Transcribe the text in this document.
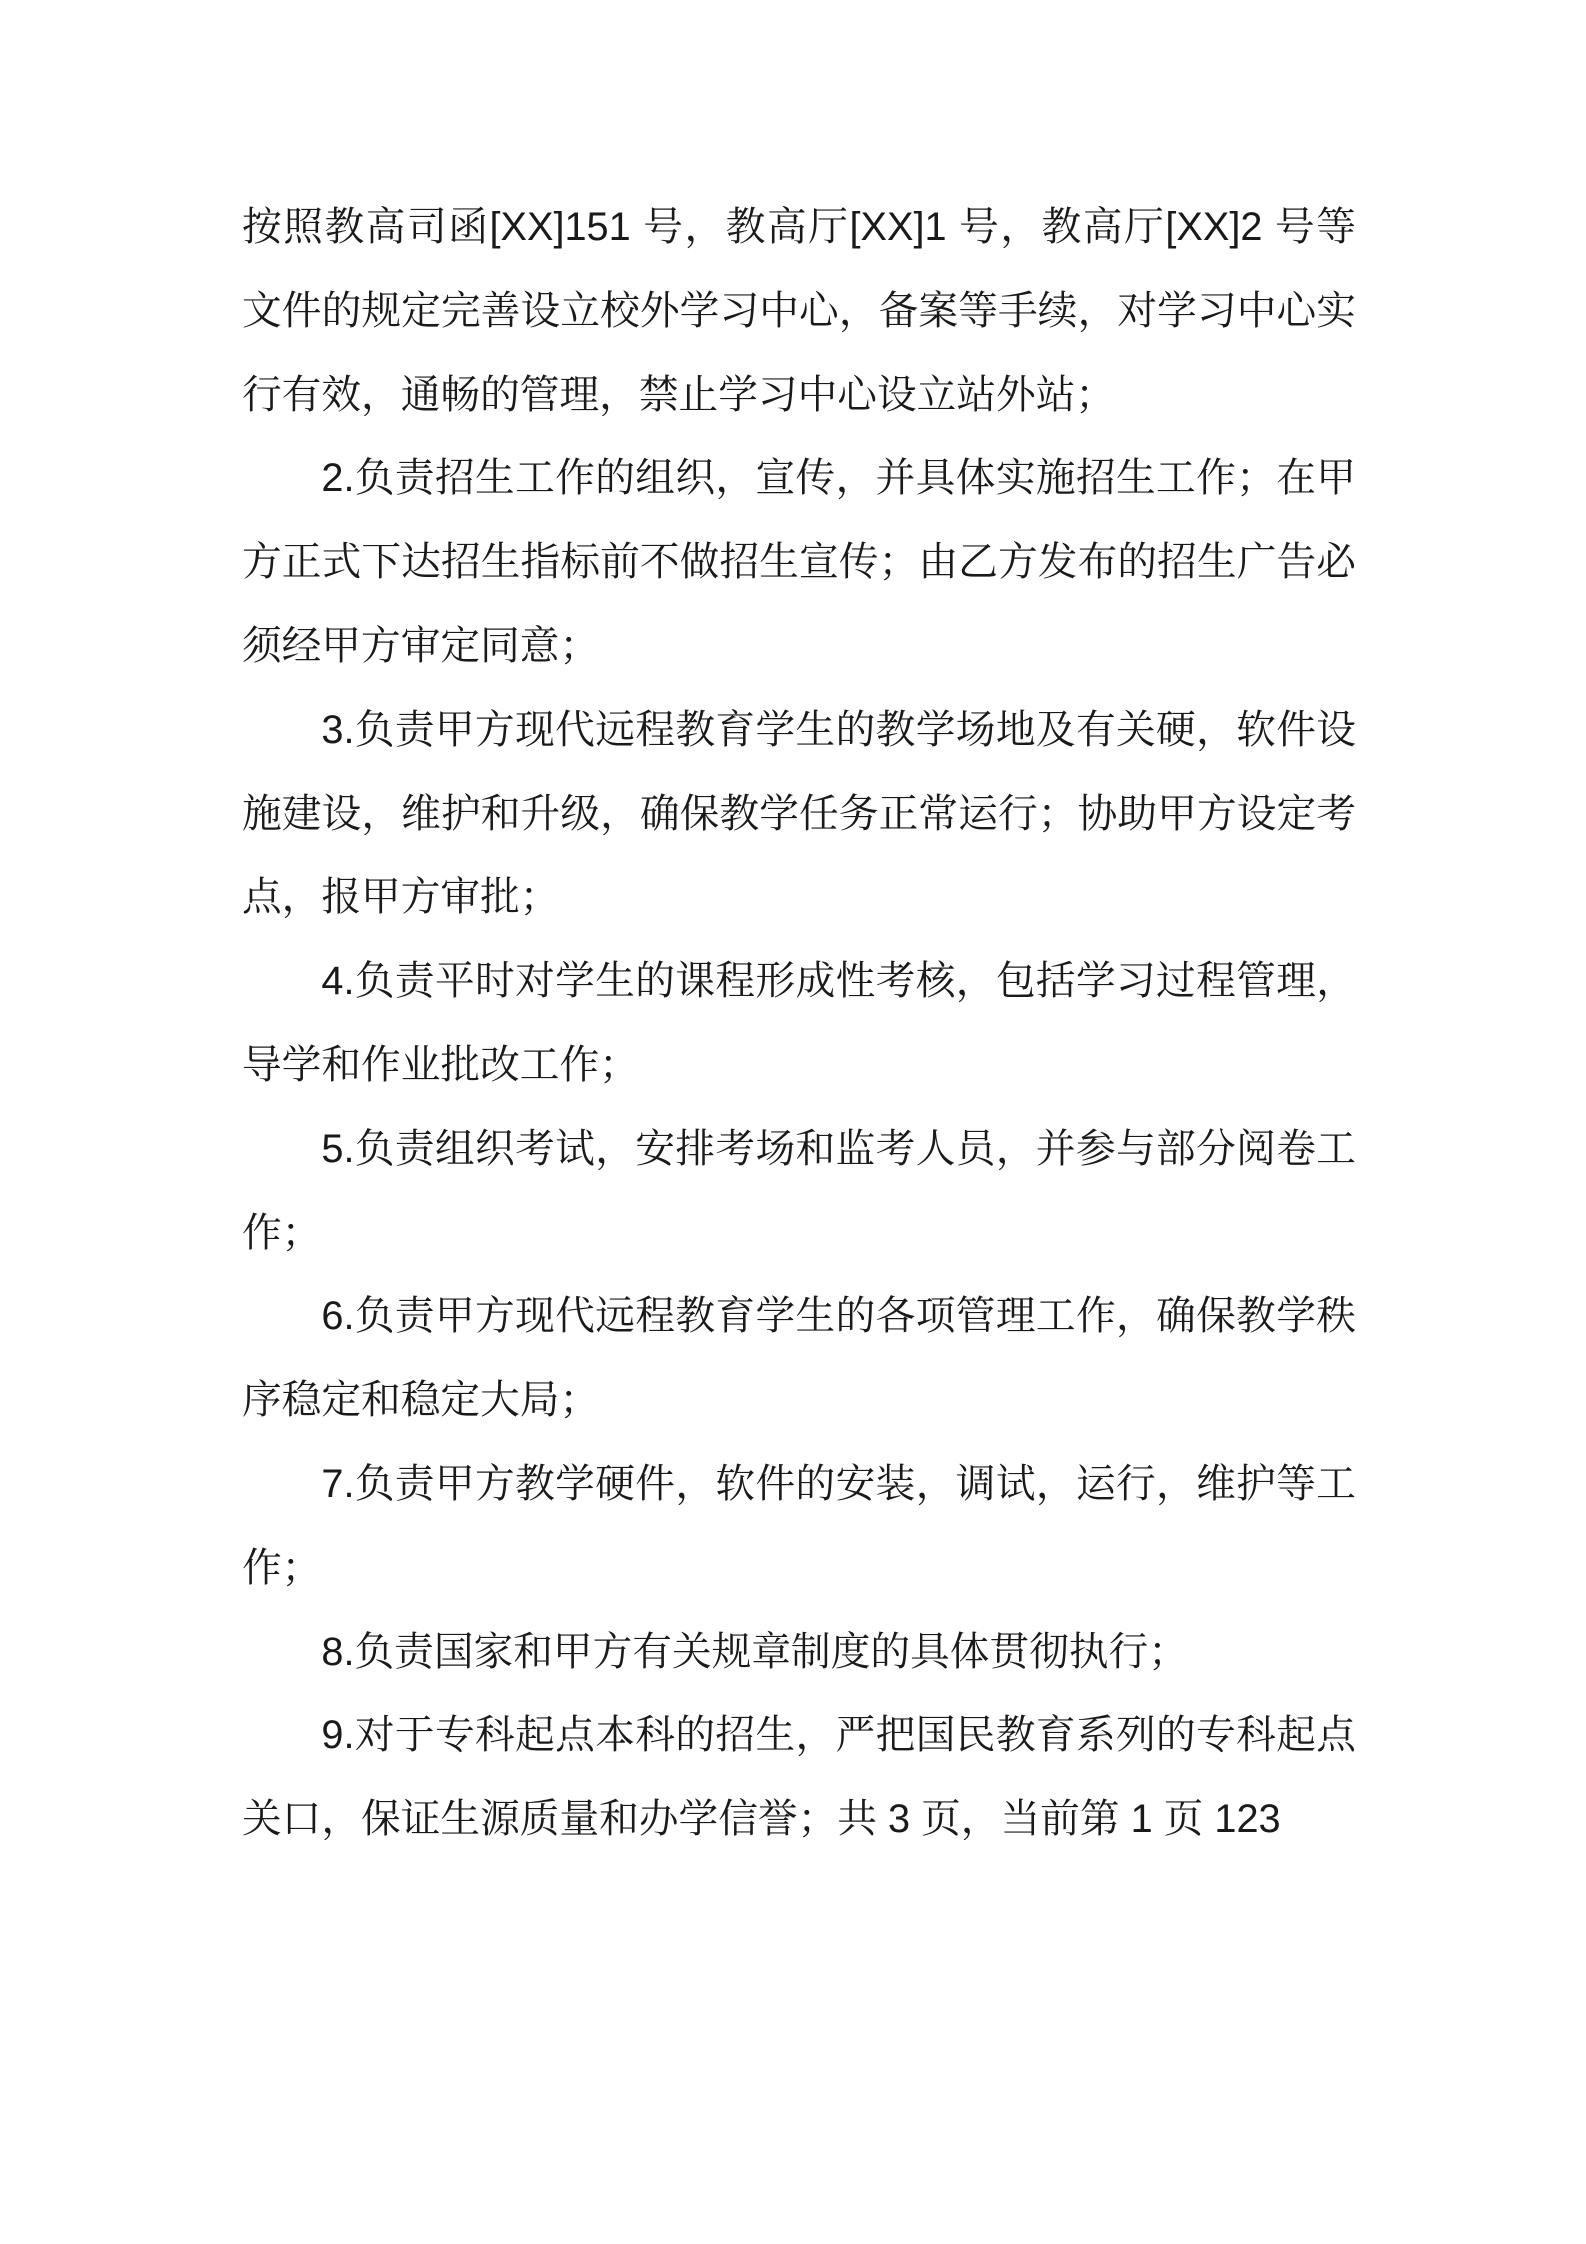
按照教高司函[XX]151 号，教高厅[XX]1 号，教高厅[XX]2 号等
文件的规定完善设立校外学习中心，备案等手续，对学习中心实
行有效，通畅的管理，禁止学习中心设立站外站；
2.负责招生工作的组织，宣传，并具体实施招生工作；在甲
方正式下达招生指标前不做招生宣传；由乙方发布的招生广告必
须经甲方审定同意；
3.负责甲方现代远程教育学生的教学场地及有关硬，软件设
施建设，维护和升级，确保教学任务正常运行；协助甲方设定考
点，报甲方审批；
4.负责平时对学生的课程形成性考核，包括学习过程管理，
导学和作业批改工作；
5.负责组织考试，安排考场和监考人员，并参与部分阅卷工
作；
6.负责甲方现代远程教育学生的各项管理工作，确保教学秩
序稳定和稳定大局；
7.负责甲方教学硬件，软件的安装，调试，运行，维护等工
作；
8.负责国家和甲方有关规章制度的具体贯彻执行；
9.对于专科起点本科的招生，严把国民教育系列的专科起点
关口，保证生源质量和办学信誉；共 3 页，当前第 1 页 123
